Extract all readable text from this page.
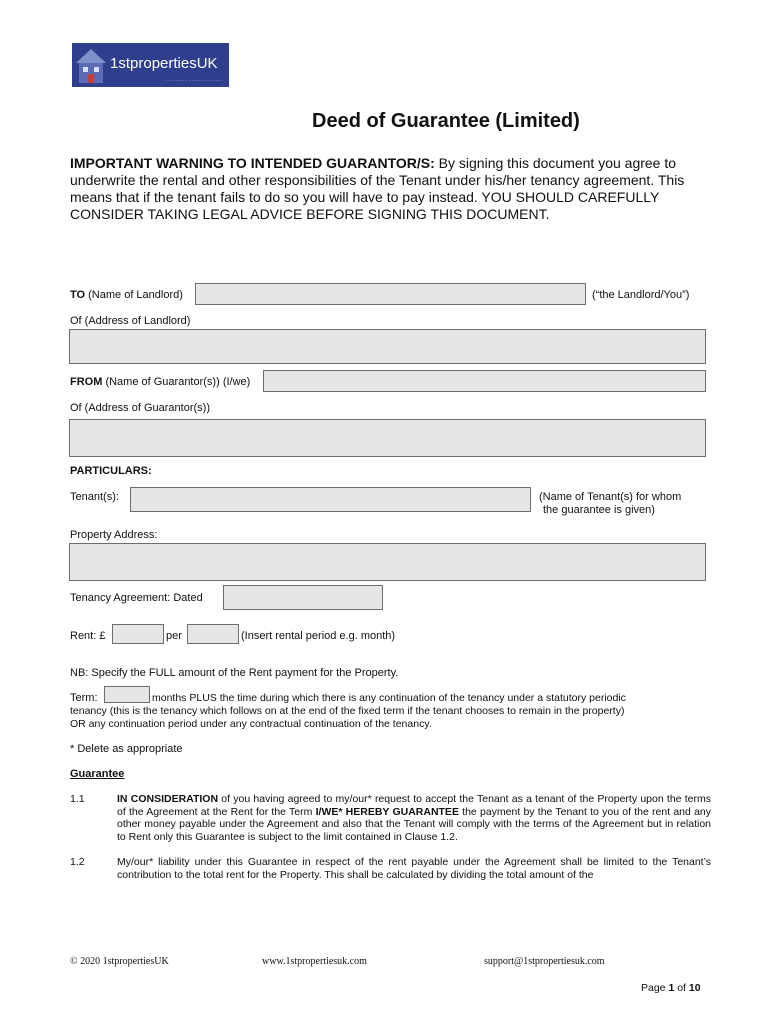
1stpropertiesUK
·············· ········ ··············
Deed of Guarantee (Limited)
IMPORTANT WARNING TO INTENDED GUARANTOR/S: By signing this document you agree to underwrite the rental and other responsibilities of the Tenant under his/her tenancy agreement. This means that if the tenant fails to do so you will have to pay instead. YOU SHOULD CAREFULLY CONSIDER TAKING LEGAL ADVICE BEFORE SIGNING THIS DOCUMENT.
TO (Name of Landlord)	(“the Landlord/You”)
Of (Address of Landlord)
FROM (Name of Guarantor(s)) (I/we)
Of (Address of Guarantor(s))
PARTICULARS:
Tenant(s):	(Name of Tenant(s) for whom
the guarantee is given)
Property Address:
Tenancy Agreement: Dated
Rent: £	per	(Insert rental period e.g. month)
NB: Specify the FULL amount of the Rent payment for the Property.
Term:	months PLUS the time during which there is any continuation of the tenancy under a statutory periodic
tenancy (this is the tenancy which follows on at the end of the fixed term if the tenant chooses to remain in the property)
OR any continuation period under any contractual continuation of the tenancy.
* Delete as appropriate
Guarantee
1.1	IN CONSIDERATION of you having agreed to my/our* request to accept the Tenant as a tenant of the Property upon the terms of the Agreement at the Rent for the Term I/WE* HEREBY GUARANTEE the payment by the Tenant to you of the rent and any other money payable under the Agreement and also that the Tenant will comply with the terms of the Agreement but in relation to Rent only this Guarantee is subject to the limit contained in Clause 1.2.
1.2	My/our* liability under this Guarantee in respect of the rent payable under the Agreement shall be limited to the Tenant’s contribution to the total rent for the Property. This shall be calculated by dividing the total amount of the
© 2020 1stpropertiesUK	www.1stpropertiesuk.com	support@1stpropertiesuk.com
Page 1 of 10
